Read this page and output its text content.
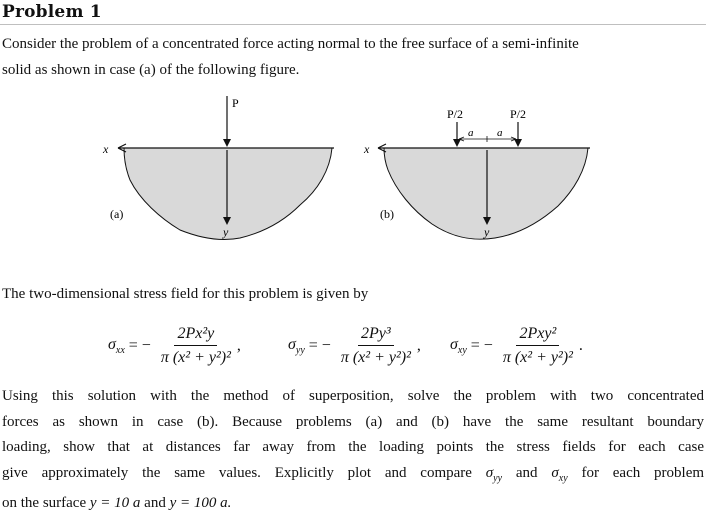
Problem 1
Consider the problem of a concentrated force acting normal to the free surface of a semi-infinite
solid as shown in case (a) of the following figure.
x
P
y
(a)
x
P/2	P/2
a a
y
(b)
The two-dimensional stress field for this problem is given by
$\sigma_{xx}$ = − $\frac{\text{2Px²y}}{\text{π (x² + y²)²}}$ ,	$\sigma_{yy}$ = − $\frac{\text{2Py³}}{\text{π (x² + y²)²}}$ , $\sigma_{xy}$ = − $\frac{\text{2Pxy²}}{\text{π (x² + y²)²}}$ .
Using this solution with the method of superposition, solve the problem with two concentrated
forces as shown in case (b). Because problems (a) and (b) have the same resultant boundary
loading, show that at distances far away from the loading points the stress fields for each case
give approximately the same values. Explicitly plot and compare $\sigma_{yy}$ and $\sigma_{xy}$ for each problem
on the surface y = 10 a and y = 100 a.
